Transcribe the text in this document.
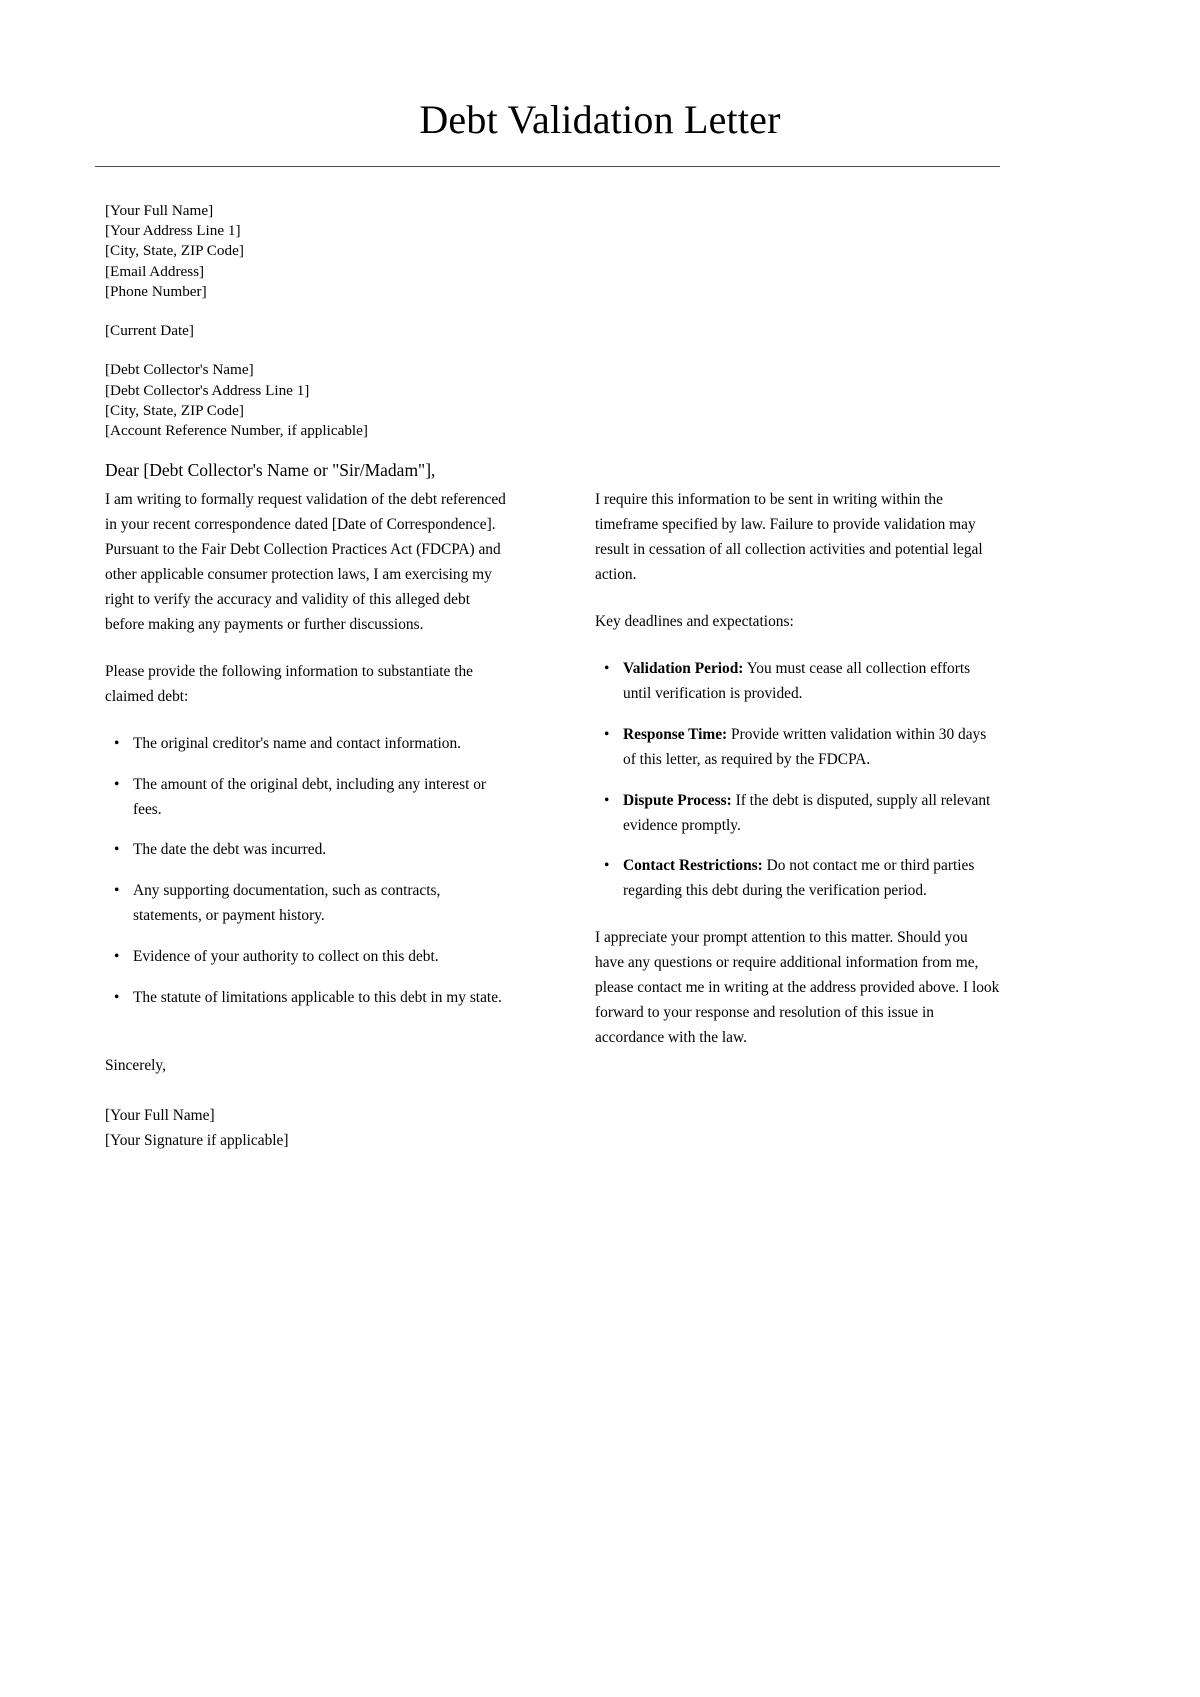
Debt Validation Letter
[Your Full Name]
[Your Address Line 1]
[City, State, ZIP Code]
[Email Address]
[Phone Number]
[Current Date]
[Debt Collector's Name]
[Debt Collector's Address Line 1]
[City, State, ZIP Code]
[Account Reference Number, if applicable]
Dear [Debt Collector's Name or "Sir/Madam"],

I am writing to formally request validation of the debt referenced in your recent correspondence dated [Date of Correspondence]. Pursuant to the Fair Debt Collection Practices Act (FDCPA) and other applicable consumer protection laws, I am exercising my right to verify the accuracy and validity of this alleged debt before making any payments or further discussions.

Please provide the following information to substantiate the claimed debt:

• The original creditor's name and contact information.
• The amount of the original debt, including any interest or fees.
• The date the debt was incurred.
• Any supporting documentation, such as contracts, statements, or payment history.
• Evidence of your authority to collect on this debt.
• The statute of limitations applicable to this debt in my state.

I require this information to be sent in writing within the timeframe specified by law. Failure to provide validation may result in cessation of all collection activities and potential legal action.

Key deadlines and expectations:

• Validation Period: You must cease all collection efforts until verification is provided.
• Response Time: Provide written validation within 30 days of this letter, as required by the FDCPA.
• Dispute Process: If the debt is disputed, supply all relevant evidence promptly.
• Contact Restrictions: Do not contact me or third parties regarding this debt during the verification period.

I appreciate your prompt attention to this matter. Should you have any questions or require additional information from me, please contact me in writing at the address provided above. I look forward to your response and resolution of this issue in accordance with the law.

Sincerely,

[Your Full Name]
[Your Signature if applicable]
